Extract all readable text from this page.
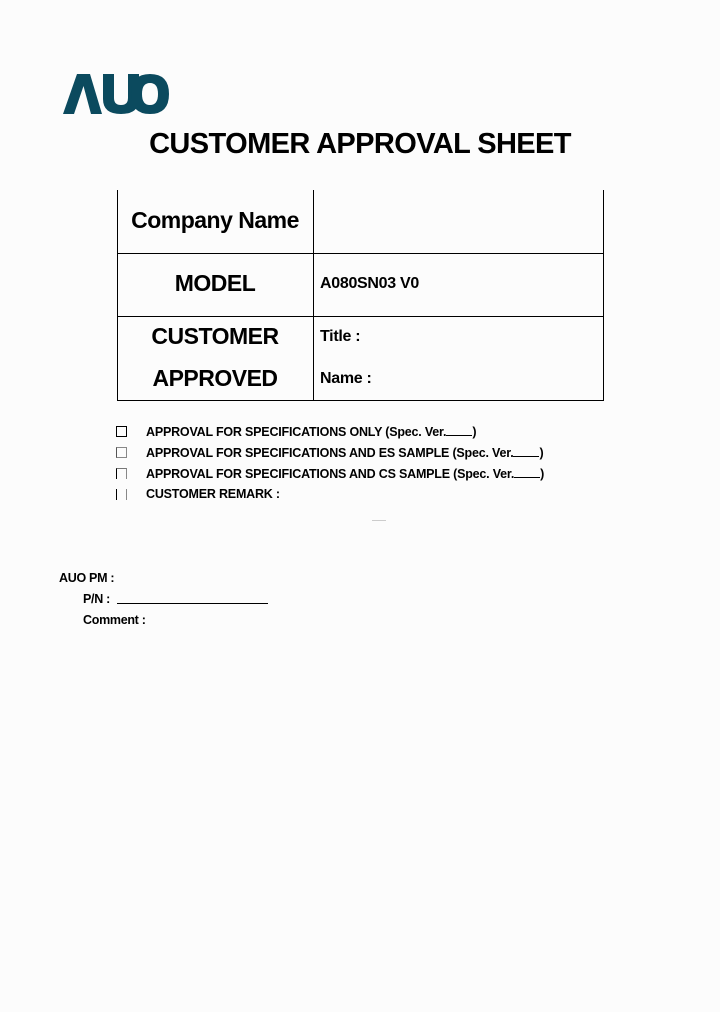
CUSTOMER APPROVAL SHEET
Company Name
MODEL	A080SN03 V0
CUSTOMER
APPROVED
Title :
Name :
APPROVAL FOR SPECIFICATIONS ONLY (Spec. Ver. )
APPROVAL FOR SPECIFICATIONS AND ES SAMPLE (Spec. Ver. )
APPROVAL FOR SPECIFICATIONS AND CS SAMPLE (Spec. Ver. )
CUSTOMER REMARK :
AUO PM :
P/N :
Comment :
